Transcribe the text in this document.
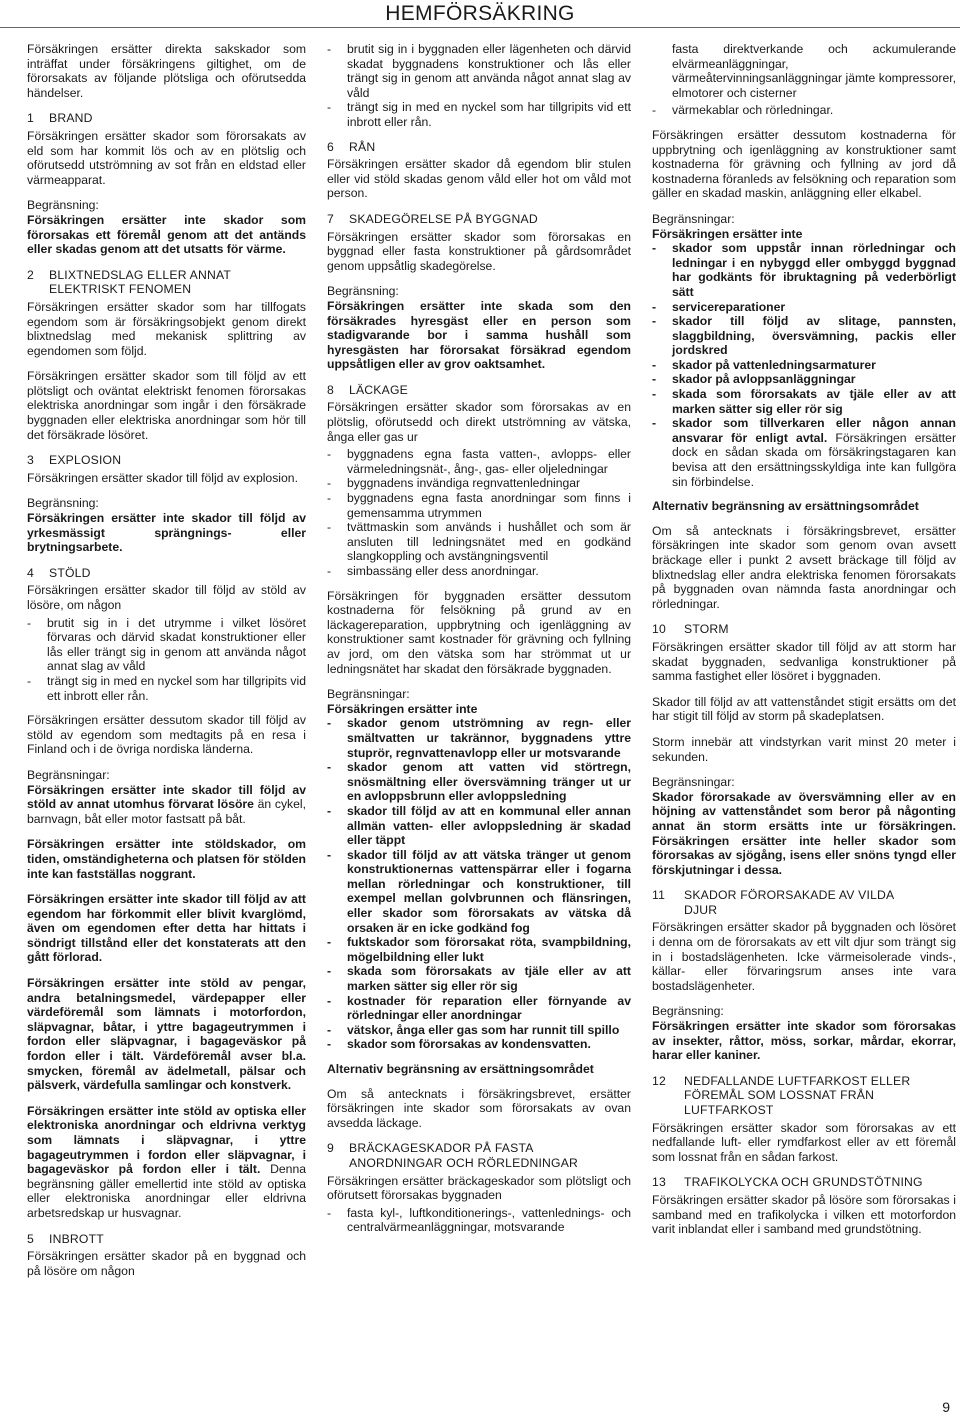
HEMFÖRSÄKRING

Försäkringen ersätter direkta sakskador som inträffat under försäkringens giltighet, om de förorsakats av följande plötsliga och oförutsedda händelser.

1	BRAND

Försäkringen ersätter skador som förorsakats av eld som har kommit lös och av en plötslig och oförutsedd utströmning av sot från en eldstad eller värmeapparat.

Begränsning:

Försäkringen ersätter inte skador som förorsakas ett föremål genom att det antänds eller skadas genom att det utsatts för värme.

2	BLIXTNEDSLAG ELLER ANNAT
ELEKTRISKT FENOMEN

Försäkringen ersätter skador som har tillfogats egendom som är försäkringsobjekt genom direkt blixtnedslag med mekanisk splittring av egendomen som följd.

Försäkringen ersätter skador som till följd av ett plötsligt och oväntat elektriskt fenomen förorsakas elektriska anordningar som ingår i den försäkrade byggnaden eller elektriska anordningar som hör till det försäkrade lösöret.

3	EXPLOSION

Försäkringen ersätter skador till följd av explosion.

Begränsning:

Försäkringen ersätter inte skador till följd av yrkesmässigt sprängnings- eller brytningsarbete.

4	STÖLD

Försäkringen ersätter skador till följd av stöld av lösöre, om någon

- brutit sig in i det utrymme i vilket lösöret förvaras och därvid skadat konstruktioner eller lås eller trängt sig in genom att använda något annat slag av våld
- trängt sig in med en nyckel som har tillgripits vid ett inbrott eller rån.

Försäkringen ersätter dessutom skador till följd av stöld av egendom som medtagits på en resa i Finland och i de övriga nordiska länderna.

Begränsningar:

Försäkringen ersätter inte skador till följd av stöld av annat utomhus förvarat lösöre än cykel, barnvagn, båt eller motor fastsatt på båt.

Försäkringen ersätter inte stöldskador, om tiden, omständigheterna och platsen för stölden inte kan fastställas noggrant.

Försäkringen ersätter inte skador till följd av att egendom har förkommit eller blivit kvarglömd, även om egendomen efter detta har hittats i söndrigt tillstånd eller det konstaterats att den gått förlorad.

Försäkringen ersätter inte stöld av pengar, andra betalningsmedel, värdepapper eller värdeföremål som lämnats i motorfordon, släpvagnar, båtar, i yttre bagageutrymmen i fordon eller släpvagnar, i bagageväskor på fordon eller i tält. Värdeföremål avser bl.a. smycken, föremål av ädelmetall, pälsar och pälsverk, värdefulla samlingar och konstverk.

Försäkringen ersätter inte stöld av optiska eller elektroniska anordningar och eldrivna verktyg som lämnats i släpvagnar, i yttre bagageutrymmen i fordon eller släpvagnar, i bagageväskor på fordon eller i tält. Denna begränsning gäller emellertid inte stöld av optiska eller elektroniska anordningar eller eldrivna arbetsredskap ur husvagnar.

5	INBROTT

Försäkringen ersätter skador på en byggnad och på lösöre om någon

- brutit sig in i byggnaden eller lägenheten och därvid skadat byggnadens konstruktioner och lås eller trängt sig in genom att använda något annat slag av våld
- trängt sig in med en nyckel som har tillgripits vid ett inbrott eller rån.
6	RÅN

Försäkringen ersätter skador då egendom blir stulen eller vid stöld skadas genom våld eller hot om våld mot person.

7	SKADEGÖRELSE PÅ BYGGNAD

Försäkringen ersätter skador som förorsakas en byggnad eller fasta konstruktioner på gårdsområdet genom uppsåtlig skadegörelse.

Begränsning:

Försäkringen ersätter inte skada som den försäkrades hyresgäst eller en person som stadigvarande bor i samma hushåll som hyresgästen har förorsakat försäkrad egendom uppsåtligen eller av grov oaktsamhet.

8	LÄCKAGE

Försäkringen ersätter skador som förorsakas av en plötslig, oförutsedd och direkt utströmning av vätska, ånga eller gas ur

- byggnadens egna fasta vatten-, avlopps- eller värmeledningsnät-, ång-, gas- eller oljeledningar
- byggnadens invändiga regnvattenledningar
- byggnadens egna fasta anordningar som finns i gemensamma utrymmen
- tvättmaskin som används i hushållet och som är ansluten till ledningsnätet med en godkänd slangkoppling och avstängningsventil
- simbassäng eller dess anordningar.

Försäkringen för byggnaden ersätter dessutom kostnaderna för felsökning på grund av en läckagereparation, uppbrytning och igenläggning av konstruktioner samt kostnader för grävning och fyllning av jord, om den vätska som har strömmat ut ur ledningsnätet har skadat den försäkrade byggnaden.

Begränsningar:

Försäkringen ersätter inte

- skador genom utströmning av regn- eller smältvatten ur takrännor, byggnadens yttre stuprör, regnvattenavlopp eller ur motsvarande
- skador genom att vatten vid störtregn, snösmältning eller översvämning tränger ut ur en avloppsbrunn eller avloppsledning
- skador till följd av att en kommunal eller annan allmän vatten- eller avloppsledning är skadad eller täppt
- skador till följd av att vätska tränger ut genom konstruktionernas vattenspärrar eller i fogarna mellan rörledningar och konstruktioner, till exempel mellan golvbrunnen och flänsringen, eller skador som förorsakats av vätska då orsaken är en icke godkänd fog
- fuktskador som förorsakat röta, svampbildning, mögelbildning eller lukt
- skada som förorsakats av tjäle eller av att marken sätter sig eller rör sig
- kostnader för reparation eller förnyande av rörledningar eller anordningar
- vätskor, ånga eller gas som har runnit till spillo
- skador som förorsakas av kondensvatten.

Alternativ begränsning av ersättningsområdet

Om så antecknats i försäkringsbrevet, ersätter försäkringen inte skador som förorsakats av ovan avsedda läckage.

9	BRÄCKAGESKADOR PÅ FASTA
ANORDNINGAR OCH RÖRLEDNINGAR

Försäkringen ersätter bräckageskador som plötsligt och oförutsett förorsakas byggnaden

- fasta kyl-, luftkonditionerings-, vattenlednings- och centralvärmeanläggningar, motsvarande

fasta direktverkande och ackumulerande elvärmeanläggningar, värmeåtervinningsanläggningar jämte kompressorer, elmotorer och cisterner

- värmekablar och rörledningar.

Försäkringen ersätter dessutom kostnaderna för uppbrytning och igenläggning av konstruktioner samt kostnaderna för grävning och fyllning av jord då kostnaderna föranleds av felsökning och reparation som gäller en skadad maskin, anläggning eller elkabel.

Begränsningar:

Försäkringen ersätter inte

- skador som uppstår innan rörledningar och ledningar i en nybyggd eller ombyggd byggnad har godkänts för ibruktagning på vederbörligt sätt
- servicereparationer
- skador till följd av slitage, pannsten, slaggbildning, översvämning, packis eller jordskred
- skador på vattenledningsarmaturer
- skador på avloppsanläggningar
- skada som förorsakats av tjäle eller av att marken sätter sig eller rör sig
- skador som tillverkaren eller någon annan ansvarar för enligt avtal. Försäkringen ersätter dock en sådan skada om försäkringstagaren kan bevisa att den ersättningsskyldiga inte kan fullgöra sin förbindelse.

Alternativ begränsning av ersättningsområdet

Om så antecknats i försäkringsbrevet, ersätter försäkringen inte skador som genom ovan avsett bräckage eller i punkt 2 avsett bräckage till följd av blixtnedslag eller andra elektriska fenomen förorsakats på byggnaden ovan nämnda fasta anordningar och rörledningar.

10	STORM

Försäkringen ersätter skador till följd av att storm har skadat byggnaden, sedvanliga konstruktioner på samma fastighet eller lösöret i byggnaden.

Skador till följd av att vattenståndet stigit ersätts om det har stigit till följd av storm på skadeplatsen.

Storm innebär att vindstyrkan varit minst 20 meter i sekunden.

Begränsningar:

Skador förorsakade av översvämning eller av en höjning av vattenståndet som beror på någonting annat än storm ersätts inte ur försäkringen. Försäkringen ersätter inte heller skador som förorsakas av sjögång, isens eller snöns tyngd eller förskjutningar i dessa.

11	SKADOR FÖRORSAKADE AV VILDA
DJUR

Försäkringen ersätter skador på byggnaden och lösöret i denna om de förorsakats av ett vilt djur som trängt sig in i bostadslägenheten. Icke värmeisolerade vinds-, källar- eller förvaringsrum anses inte vara bostadslägenheter.

Begränsning:

Försäkringen ersätter inte skador som förorsakas av insekter, råttor, möss, sorkar, mårdar, ekorrar, harar eller kaniner.

12	NEDFALLANDE LUFTFARKOST ELLER
FÖREMÅL SOM LOSSNAT FRÅN
LUFTFARKOST

Försäkringen ersätter skador som förorsakas av ett nedfallande luft- eller rymdfarkost eller av ett föremål som lossnat från en sådan farkost.

13	TRAFIKOLYCKA OCH GRUNDSTÖTNING

Försäkringen ersätter skador på lösöre som förorsakas i samband med en trafikolycka i vilken ett motorfordon varit inblandat eller i samband med grundstötning.

9
